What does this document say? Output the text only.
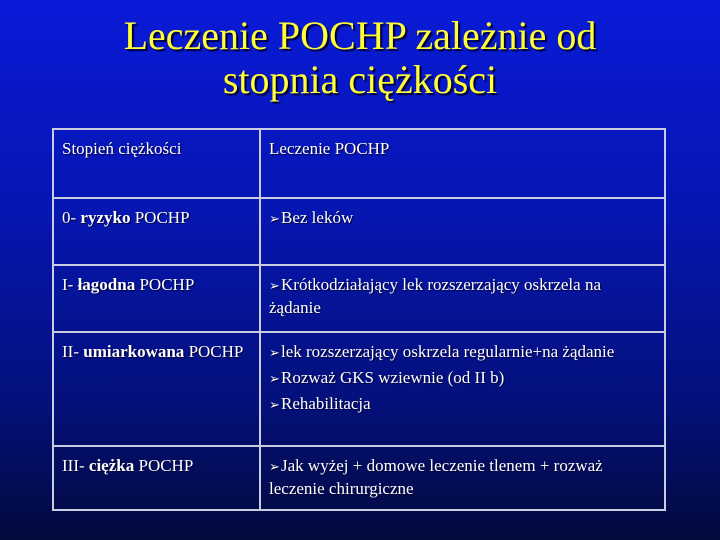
Leczenie POCHP zależnie od
stopnia ciężkości
Stopień ciężkości	Leczenie POCHP
0- ryzyko POCHP	➢Bez leków

I- łagodna POCHP	➢Krótkodziałający lek rozszerzający oskrzela na żądanie

II- umiarkowana POCHP	➢lek rozszerzający oskrzela regularnie+na żądanie
➢Rozważ GKS wziewnie (od II b)
➢Rehabilitacja

III- ciężka POCHP	➢Jak wyżej + domowe leczenie tlenem + rozważ leczenie chirurgiczne
